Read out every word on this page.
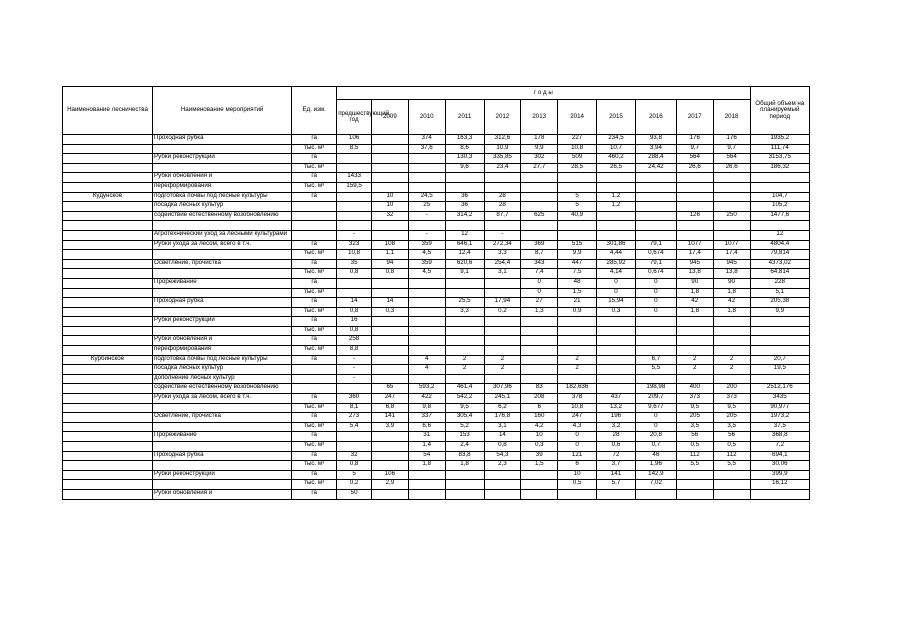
Наименование лесничества	Наименование мероприятий	Ед. изм.	г о д ы											Общий объем на планируемый период
			предшествующий год	2009	2010	2011	2012	2013	2014	2015	2016	2017	2018	
	Проходная рубка	га	106		374	163,3	312,6	178	227	234,5	93,8	176	176	1935,2
		тыс. м³	8,5		37,6	8,6	10,9	9,9	10,8	10,7	3,94	9,7	9,7	111,74
	Рубки реконструкции	га				130,3	335,85	302	509	460,2	288,4	564	564	3153,75
		тыс. м³				9,6	23,4	27,7	28,5	26,5	24,42	26,6	26,6	186,32
	Рубки обновления и	га	1433											
	переформирования	тыс. м³	159,5											
Кудунское	подготовка почвы под лесные культуры	га		10	24,5	36	28		5	1,2				104,7
	посадка лесных культур			10	25	36	28		5	1,2				105,2
	содействие естественному возобновлению			32	-	314,2	87,7	625	40,9			126	250	1477,6

	Агротехнический уход за лесными культурами		-		-	12	-							12
	Рубки ухода за лесом, всего в т.ч.	га	323	108	359	646,1	272,34	369	515	301,86	79,1	1077	1077	4804,4
		тыс. м³	10,8	1,1	4,5	12,4	3,3	8,7	9,9	4,44	0,674	17,4	17,4	79,814
	Осветление, прочистка	га	35	94	359	620,6	254,4	343	447	285,92	79,1	945	945	4373,02
		тыс. м³	0,8	0,8	4,5	9,1	3,1	7,4	7,5	4,14	0,674	13,8	13,8	64,814
	Прореживание	га						0	48	0	0	90	90	228
		тыс. м³						0	1,5	0	0	1,8	1,8	5,1
	Проходная рубка	га	14	14		25,5	17,94	27	21	15,94	0	42	42	205,38
		тыс. м³	0,8	0,3		3,3	0,2	1,3	0,9	0,3	0	1,8	1,8	9,9
	Рубки реконструкции	га	16											
		тыс. м³	0,8											
	Рубки обновления и	га	258											
	переформирования	тыс. м³	8,8											
Курбинское	подготовка почвы под лесные культуры	га	-		4	2	2		2		6,7	2	2	20,7
	посадка лесных культур		-		4	2	2		2		5,5	2	2	19,5
	дополнение лесных культур		-											
	содействие естественному возобновлению			65	593,2	461,4	307,96	83	182,636		198,98	400	200	2512,176
	Рубки ухода за лесом, всего в т.ч.	га	360	247	422	542,2	245,1	208	378	437	209,7	373	373	3435
		тыс. м³	8,1	6,8	9,8	9,5	6,2	6	10,8	13,2	9,677	9,5	9,5	90,977
	Осветление, прочистка	га	273	141	337	305,4	176,8	160	247	196	0	205	205	1973,2
		тыс. м³	5,4	3,9	6,6	5,2	3,1	4,2	4,3	3,2	0	3,5	3,5	37,5
	Прореживание	га			31	153	14	10	0	28	20,8	56	56	368,8
		тыс. м³			1,4	2,4	0,8	0,3	0	0,6	0,7	0,5	0,5	7,2
	Проходная рубка	га	32		54	83,8	54,3	39	121	72	46	112	112	694,1
		тыс. м³	0,8		1,8	1,8	2,3	1,5	6	3,7	1,96	5,5	5,5	30,06
	Рубки реконструкции	га	5	106					10	141	142,9			399,9
		тыс. м³	0,2	2,9					0,5	5,7	7,02			16,12
	Рубки обновления и	га	50											
